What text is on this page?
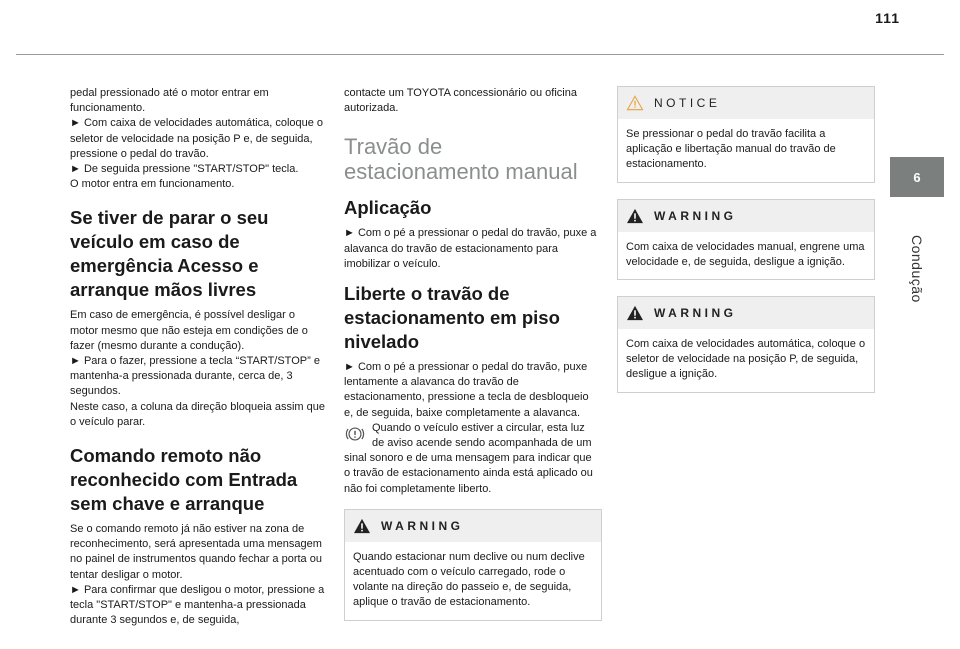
111
6
Condução

pedal pressionado até o motor entrar em funcionamento.

► Com caixa de velocidades automática, coloque o seletor de velocidade na posição P e, de seguida, pressione o pedal do travão.

► De seguida pressione "START/STOP" tecla.

O motor entra em funcionamento.

Se tiver de parar o seu veículo em caso de emergência Acesso e arranque mãos livres

Em caso de emergência, é possível desligar o motor mesmo que não esteja em condições de o fazer (mesmo durante a condução).

► Para o fazer, pressione a tecla “START/STOP” e mantenha-a pressionada durante, cerca de, 3 segundos.

Neste caso, a coluna da direção bloqueia assim que o veículo parar.

Comando remoto não reconhecido com Entrada sem chave e arranque

Se o comando remoto já não estiver na zona de reconhecimento, será apresentada uma mensagem no painel de instrumentos quando fechar a porta ou tentar desligar o motor.

► Para confirmar que desligou o motor, pressione a tecla "START/STOP" e mantenha-a pressionada durante 3 segundos e, de seguida,

contacte um TOYOTA concessionário ou oficina autorizada.

Travão de estacionamento manual
Aplicação

► Com o pé a pressionar o pedal do travão, puxe a alavanca do travão de estacionamento para imobilizar o veículo.

Liberte o travão de estacionamento em piso nivelado

► Com o pé a pressionar o pedal do travão, puxe lentamente a alavanca do travão de estacionamento, pressione a tecla de desbloqueio e, de seguida, baixe completamente a alavanca.

Quando o veículo estiver a circular, esta luz de aviso acende sendo acompanhada de um sinal sonoro e de uma mensagem para indicar que o travão de estacionamento ainda está aplicado ou não foi completamente liberto.

WARNING

Quando estacionar num declive ou num declive acentuado com o veículo carregado, rode o volante na direção do passeio e, de seguida, aplique o travão de estacionamento.

NOTICE

Se pressionar o pedal do travão facilita a aplicação e libertação manual do travão de estacionamento.

WARNING

Com caixa de velocidades manual, engrene uma velocidade e, de seguida, desligue a ignição.

WARNING

Com caixa de velocidades automática, coloque o seletor de velocidade na posição P, de seguida, desligue a ignição.
